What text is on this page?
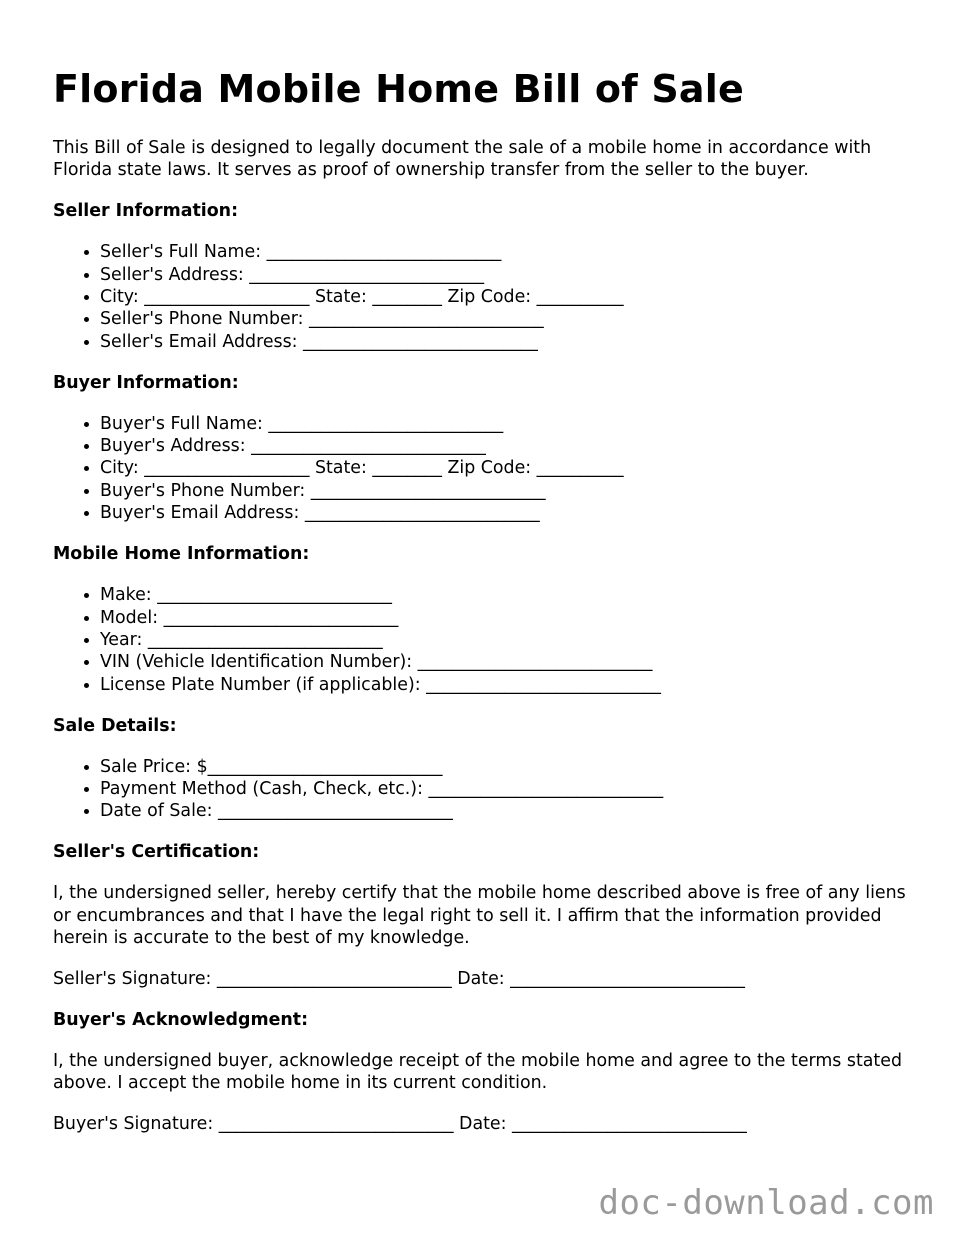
Florida Mobile Home Bill of Sale

This Bill of Sale is designed to legally document the sale of a mobile home in accordance with Florida state laws. It serves as proof of ownership transfer from the seller to the buyer.

Seller Information:
• Seller's Full Name: ___________________________
• Seller's Address: ___________________________
• City: ___________________ State: ________ Zip Code: __________
• Seller's Phone Number: ___________________________
• Seller's Email Address: ___________________________
Buyer Information:
• Buyer's Full Name: ___________________________
• Buyer's Address: ___________________________
• City: ___________________ State: ________ Zip Code: __________
• Buyer's Phone Number: ___________________________
• Buyer's Email Address: ___________________________
Mobile Home Information:
• Make: ___________________________
• Model: ___________________________
• Year: ___________________________
• VIN (Vehicle Identification Number): ___________________________
• License Plate Number (if applicable): ___________________________
Sale Details:
• Sale Price: $___________________________
• Payment Method (Cash, Check, etc.): ___________________________
• Date of Sale: ___________________________
Seller's Certification:

I, the undersigned seller, hereby certify that the mobile home described above is free of any liens or encumbrances and that I have the legal right to sell it. I affirm that the information provided herein is accurate to the best of my knowledge.

Seller's Signature: ___________________________ Date: ___________________________
Buyer's Acknowledgment:

I, the undersigned buyer, acknowledge receipt of the mobile home and agree to the terms stated above. I accept the mobile home in its current condition.

Buyer's Signature: ___________________________ Date: ___________________________
doc-download.com
